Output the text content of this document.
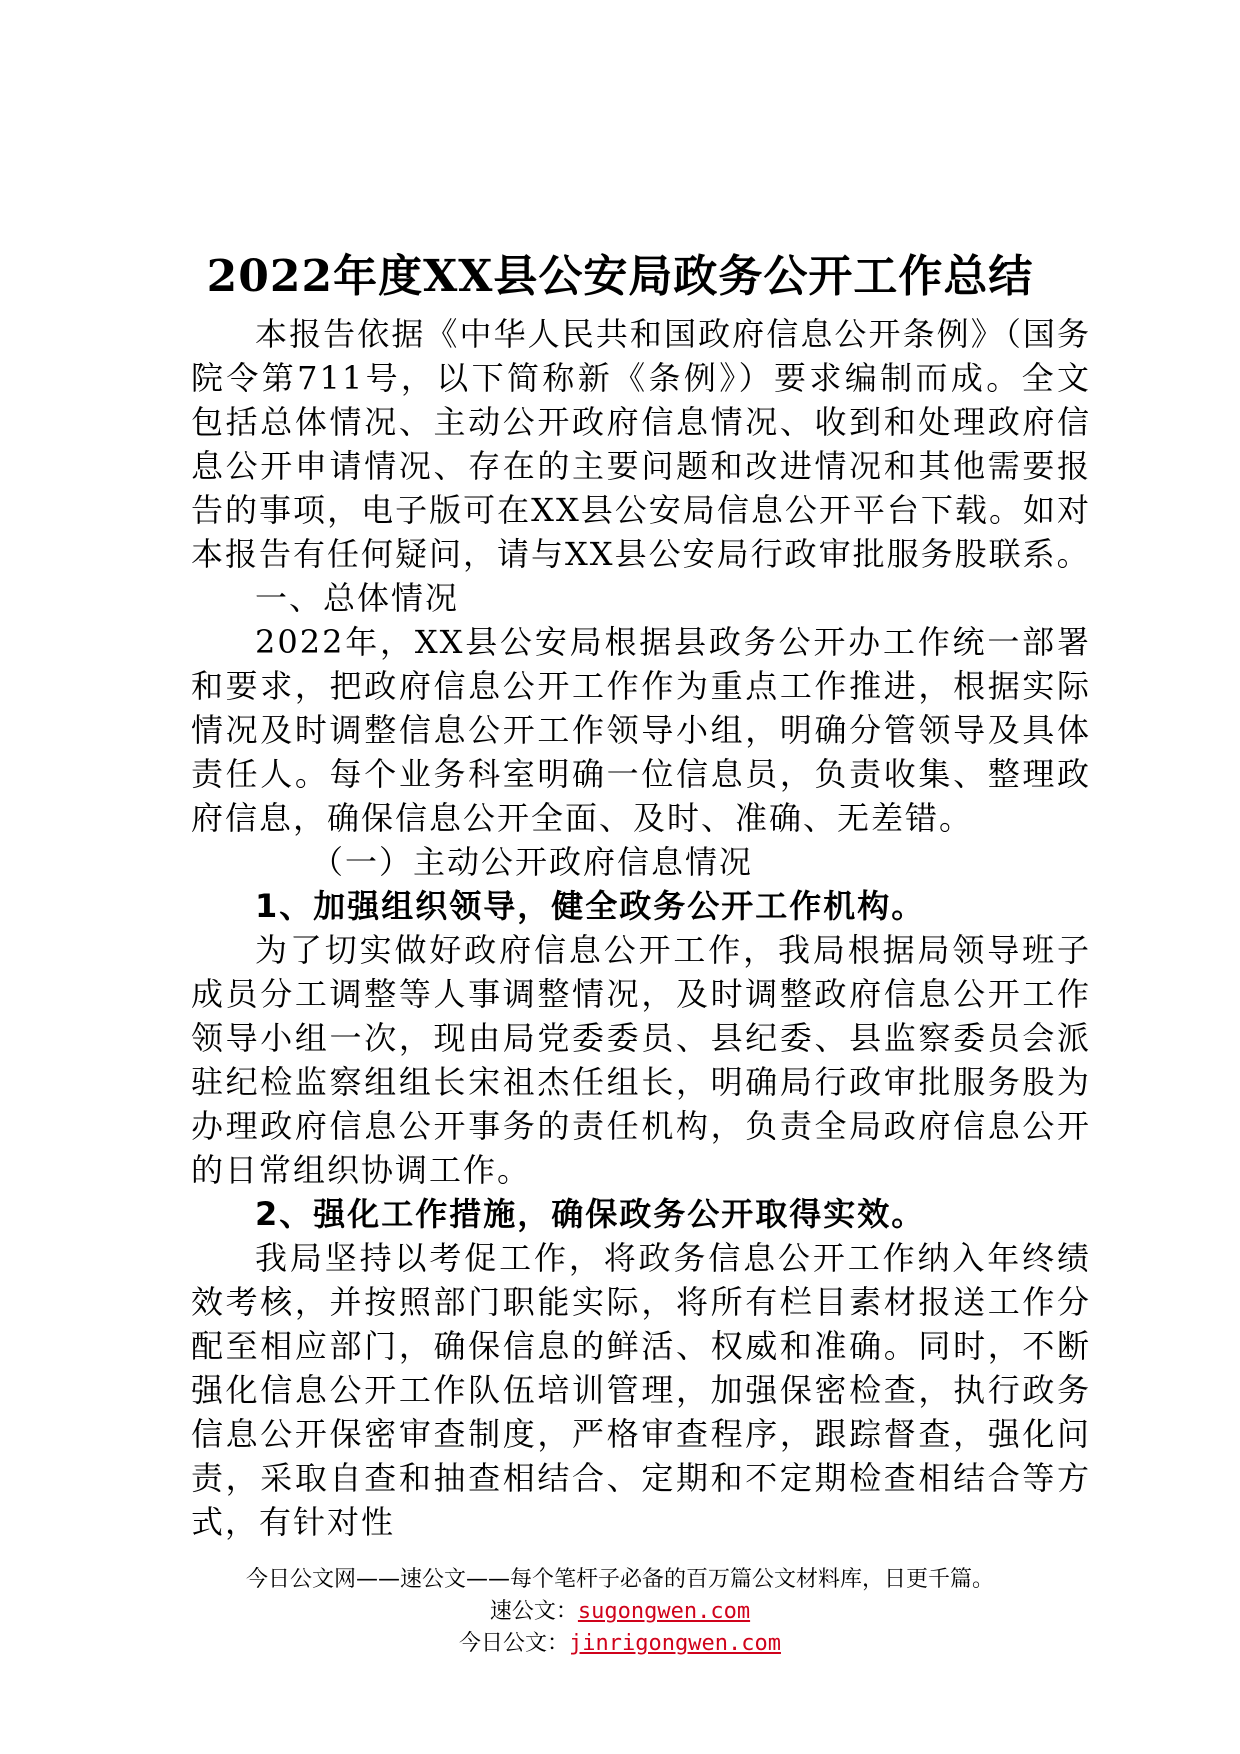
2022年度XX县公安局政务公开工作总结
本报告依据《中华人民共和国政府信息公开条例》（国务院令第711号，以下简称新《条例》）要求编制而成。全文包括总体情况、主动公开政府信息情况、收到和处理政府信息公开申请情况、存在的主要问题和改进情况和其他需要报告的事项，电子版可在XX县公安局信息公开平台下载。如对本报告有任何疑问，请与XX县公安局行政审批服务股联系。
一、总体情况
2022年，XX县公安局根据县政务公开办工作统一部署和要求，把政府信息公开工作作为重点工作推进，根据实际情况及时调整信息公开工作领导小组，明确分管领导及具体责任人。每个业务科室明确一位信息员，负责收集、整理政府信息，确保信息公开全面、及时、准确、无差错。
（一）主动公开政府信息情况
1、加强组织领导，健全政务公开工作机构。
为了切实做好政府信息公开工作，我局根据局领导班子成员分工调整等人事调整情况，及时调整政府信息公开工作领导小组一次，现由局党委委员、县纪委、县监察委员会派驻纪检监察组组长宋祖杰任组长，明确局行政审批服务股为办理政府信息公开事务的责任机构，负责全局政府信息公开的日常组织协调工作。
2、强化工作措施，确保政务公开取得实效。
我局坚持以考促工作，将政务信息公开工作纳入年终绩效考核，并按照部门职能实际，将所有栏目素材报送工作分配至相应部门，确保信息的鲜活、权威和准确。同时，不断强化信息公开工作队伍培训管理，加强保密检查，执行政务信息公开保密审查制度，严格审查程序，跟踪督查，强化问责，采取自查和抽查相结合、定期和不定期检查相结合等方式，有针对性
今日公文网——速公文——每个笔杆子必备的百万篇公文材料库，日更千篇。
速公文：sugongwen.com
今日公文：jinrigongwen.com
